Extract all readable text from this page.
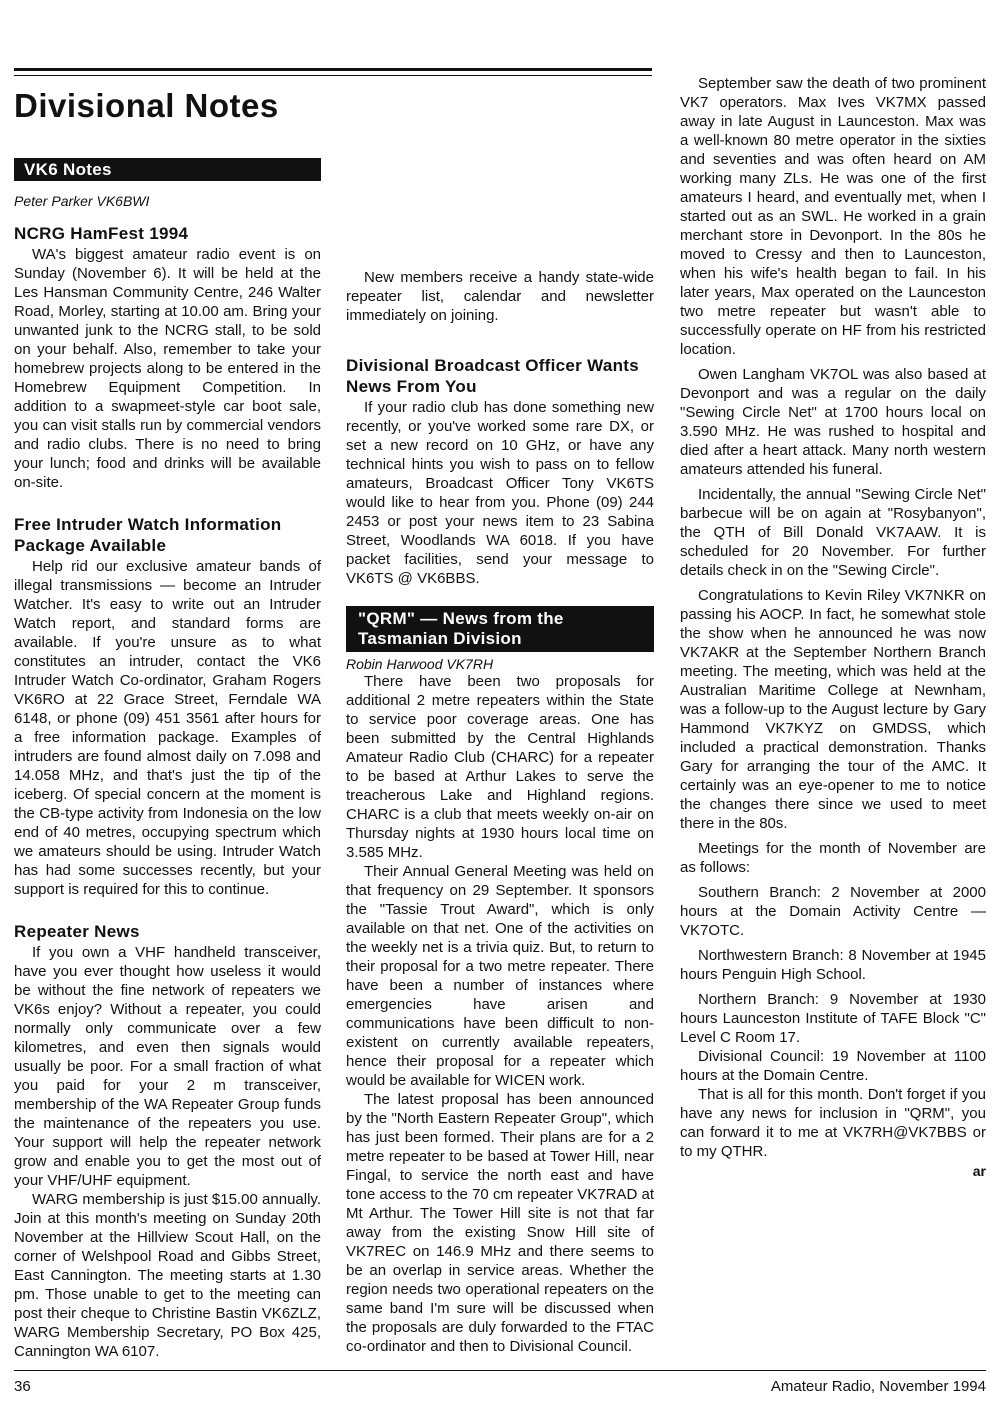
Divisional Notes
VK6 Notes
Peter Parker VK6BWI
NCRG HamFest 1994

WA's biggest amateur radio event is on Sunday (November 6). It will be held at the Les Hansman Community Centre, 246 Walter Road, Morley, starting at 10.00 am. Bring your unwanted junk to the NCRG stall, to be sold on your behalf. Also, remember to take your homebrew projects along to be entered in the Homebrew Equipment Competition. In addition to a swapmeet-style car boot sale, you can visit stalls run by commercial vendors and radio clubs. There is no need to bring your lunch; food and drinks will be available on-site.

Free Intruder Watch Information Package Available

Help rid our exclusive amateur bands of illegal transmissions — become an Intruder Watcher. It's easy to write out an Intruder Watch report, and standard forms are available. If you're unsure as to what constitutes an intruder, contact the VK6 Intruder Watch Co-ordinator, Graham Rogers VK6RO at 22 Grace Street, Ferndale WA 6148, or phone (09) 451 3561 after hours for a free information package. Examples of intruders are found almost daily on 7.098 and 14.058 MHz, and that's just the tip of the iceberg. Of special concern at the moment is the CB-type activity from Indonesia on the low end of 40 metres, occupying spectrum which we amateurs should be using. Intruder Watch has had some successes recently, but your support is required for this to continue.

Repeater News

If you own a VHF handheld transceiver, have you ever thought how useless it would be without the fine network of repeaters we VK6s enjoy? Without a repeater, you could normally only communicate over a few kilometres, and even then signals would usually be poor. For a small fraction of what you paid for your 2 m transceiver, membership of the WA Repeater Group funds the maintenance of the repeaters you use. Your support will help the repeater network grow and enable you to get the most out of your VHF/UHF equipment.

WARG membership is just $15.00 annually. Join at this month's meeting on Sunday 20th November at the Hillview Scout Hall, on the corner of Welshpool Road and Gibbs Street, East Cannington. The meeting starts at 1.30 pm. Those unable to get to the meeting can post their cheque to Christine Bastin VK6ZLZ, WARG Membership Secretary, PO Box 425, Cannington WA 6107.

New members receive a handy state-wide repeater list, calendar and newsletter immediately on joining.

Divisional Broadcast Officer Wants News From You

If your radio club has done something new recently, or you've worked some rare DX, or set a new record on 10 GHz, or have any technical hints you wish to pass on to fellow amateurs, Broadcast Officer Tony VK6TS would like to hear from you. Phone (09) 244 2453 or post your news item to 23 Sabina Street, Woodlands WA 6018. If you have packet facilities, send your message to VK6TS @ VK6BBS.

"QRM" — News from the Tasmanian Division
Robin Harwood VK7RH

There have been two proposals for additional 2 metre repeaters within the State to service poor coverage areas. One has been submitted by the Central Highlands Amateur Radio Club (CHARC) for a repeater to be based at Arthur Lakes to serve the treacherous Lake and Highland regions. CHARC is a club that meets weekly on-air on Thursday nights at 1930 hours local time on 3.585 MHz.

Their Annual General Meeting was held on that frequency on 29 September. It sponsors the "Tassie Trout Award", which is only available on that net. One of the activities on the weekly net is a trivia quiz. But, to return to their proposal for a two metre repeater. There have been a number of instances where emergencies have arisen and communications have been difficult to non-existent on currently available repeaters, hence their proposal for a repeater which would be available for WICEN work.

The latest proposal has been announced by the "North Eastern Repeater Group", which has just been formed. Their plans are for a 2 metre repeater to be based at Tower Hill, near Fingal, to service the north east and have tone access to the 70 cm repeater VK7RAD at Mt Arthur. The Tower Hill site is not that far away from the existing Snow Hill site of VK7REC on 146.9 MHz and there seems to be an overlap in service areas. Whether the region needs two operational repeaters on the same band I'm sure will be discussed when the proposals are duly forwarded to the FTAC co-ordinator and then to Divisional Council.

September saw the death of two prominent VK7 operators. Max Ives VK7MX passed away in late August in Launceston. Max was a well-known 80 metre operator in the sixties and seventies and was often heard on AM working many ZLs. He was one of the first amateurs I heard, and eventually met, when I started out as an SWL. He worked in a grain merchant store in Devonport. In the 80s he moved to Cressy and then to Launceston, when his wife's health began to fail. In his later years, Max operated on the Launceston two metre repeater but wasn't able to successfully operate on HF from his restricted location.

Owen Langham VK7OL was also based at Devonport and was a regular on the daily "Sewing Circle Net" at 1700 hours local on 3.590 MHz. He was rushed to hospital and died after a heart attack. Many north western amateurs attended his funeral.

Incidentally, the annual "Sewing Circle Net" barbecue will be on again at "Rosybanyon", the QTH of Bill Donald VK7AAW. It is scheduled for 20 November. For further details check in on the "Sewing Circle".

Congratulations to Kevin Riley VK7NKR on passing his AOCP. In fact, he somewhat stole the show when he announced he was now VK7AKR at the September Northern Branch meeting. The meeting, which was held at the Australian Maritime College at Newnham, was a follow-up to the August lecture by Gary Hammond VK7KYZ on GMDSS, which included a practical demonstration. Thanks Gary for arranging the tour of the AMC. It certainly was an eye-opener to me to notice the changes there since we used to meet there in the 80s.

Meetings for the month of November are as follows:

Southern Branch: 2 November at 2000 hours at the Domain Activity Centre — VK7OTC.

Northwestern Branch: 8 November at 1945 hours Penguin High School.

Northern Branch: 9 November at 1930 hours Launceston Institute of TAFE Block "C" Level C Room 17.

Divisional Council: 19 November at 1100 hours at the Domain Centre.

That is all for this month. Don't forget if you have any news for inclusion in "QRM", you can forward it to me at VK7RH@VK7BBS or to my QTHR.

ar
36	Amateur Radio, November 1994
